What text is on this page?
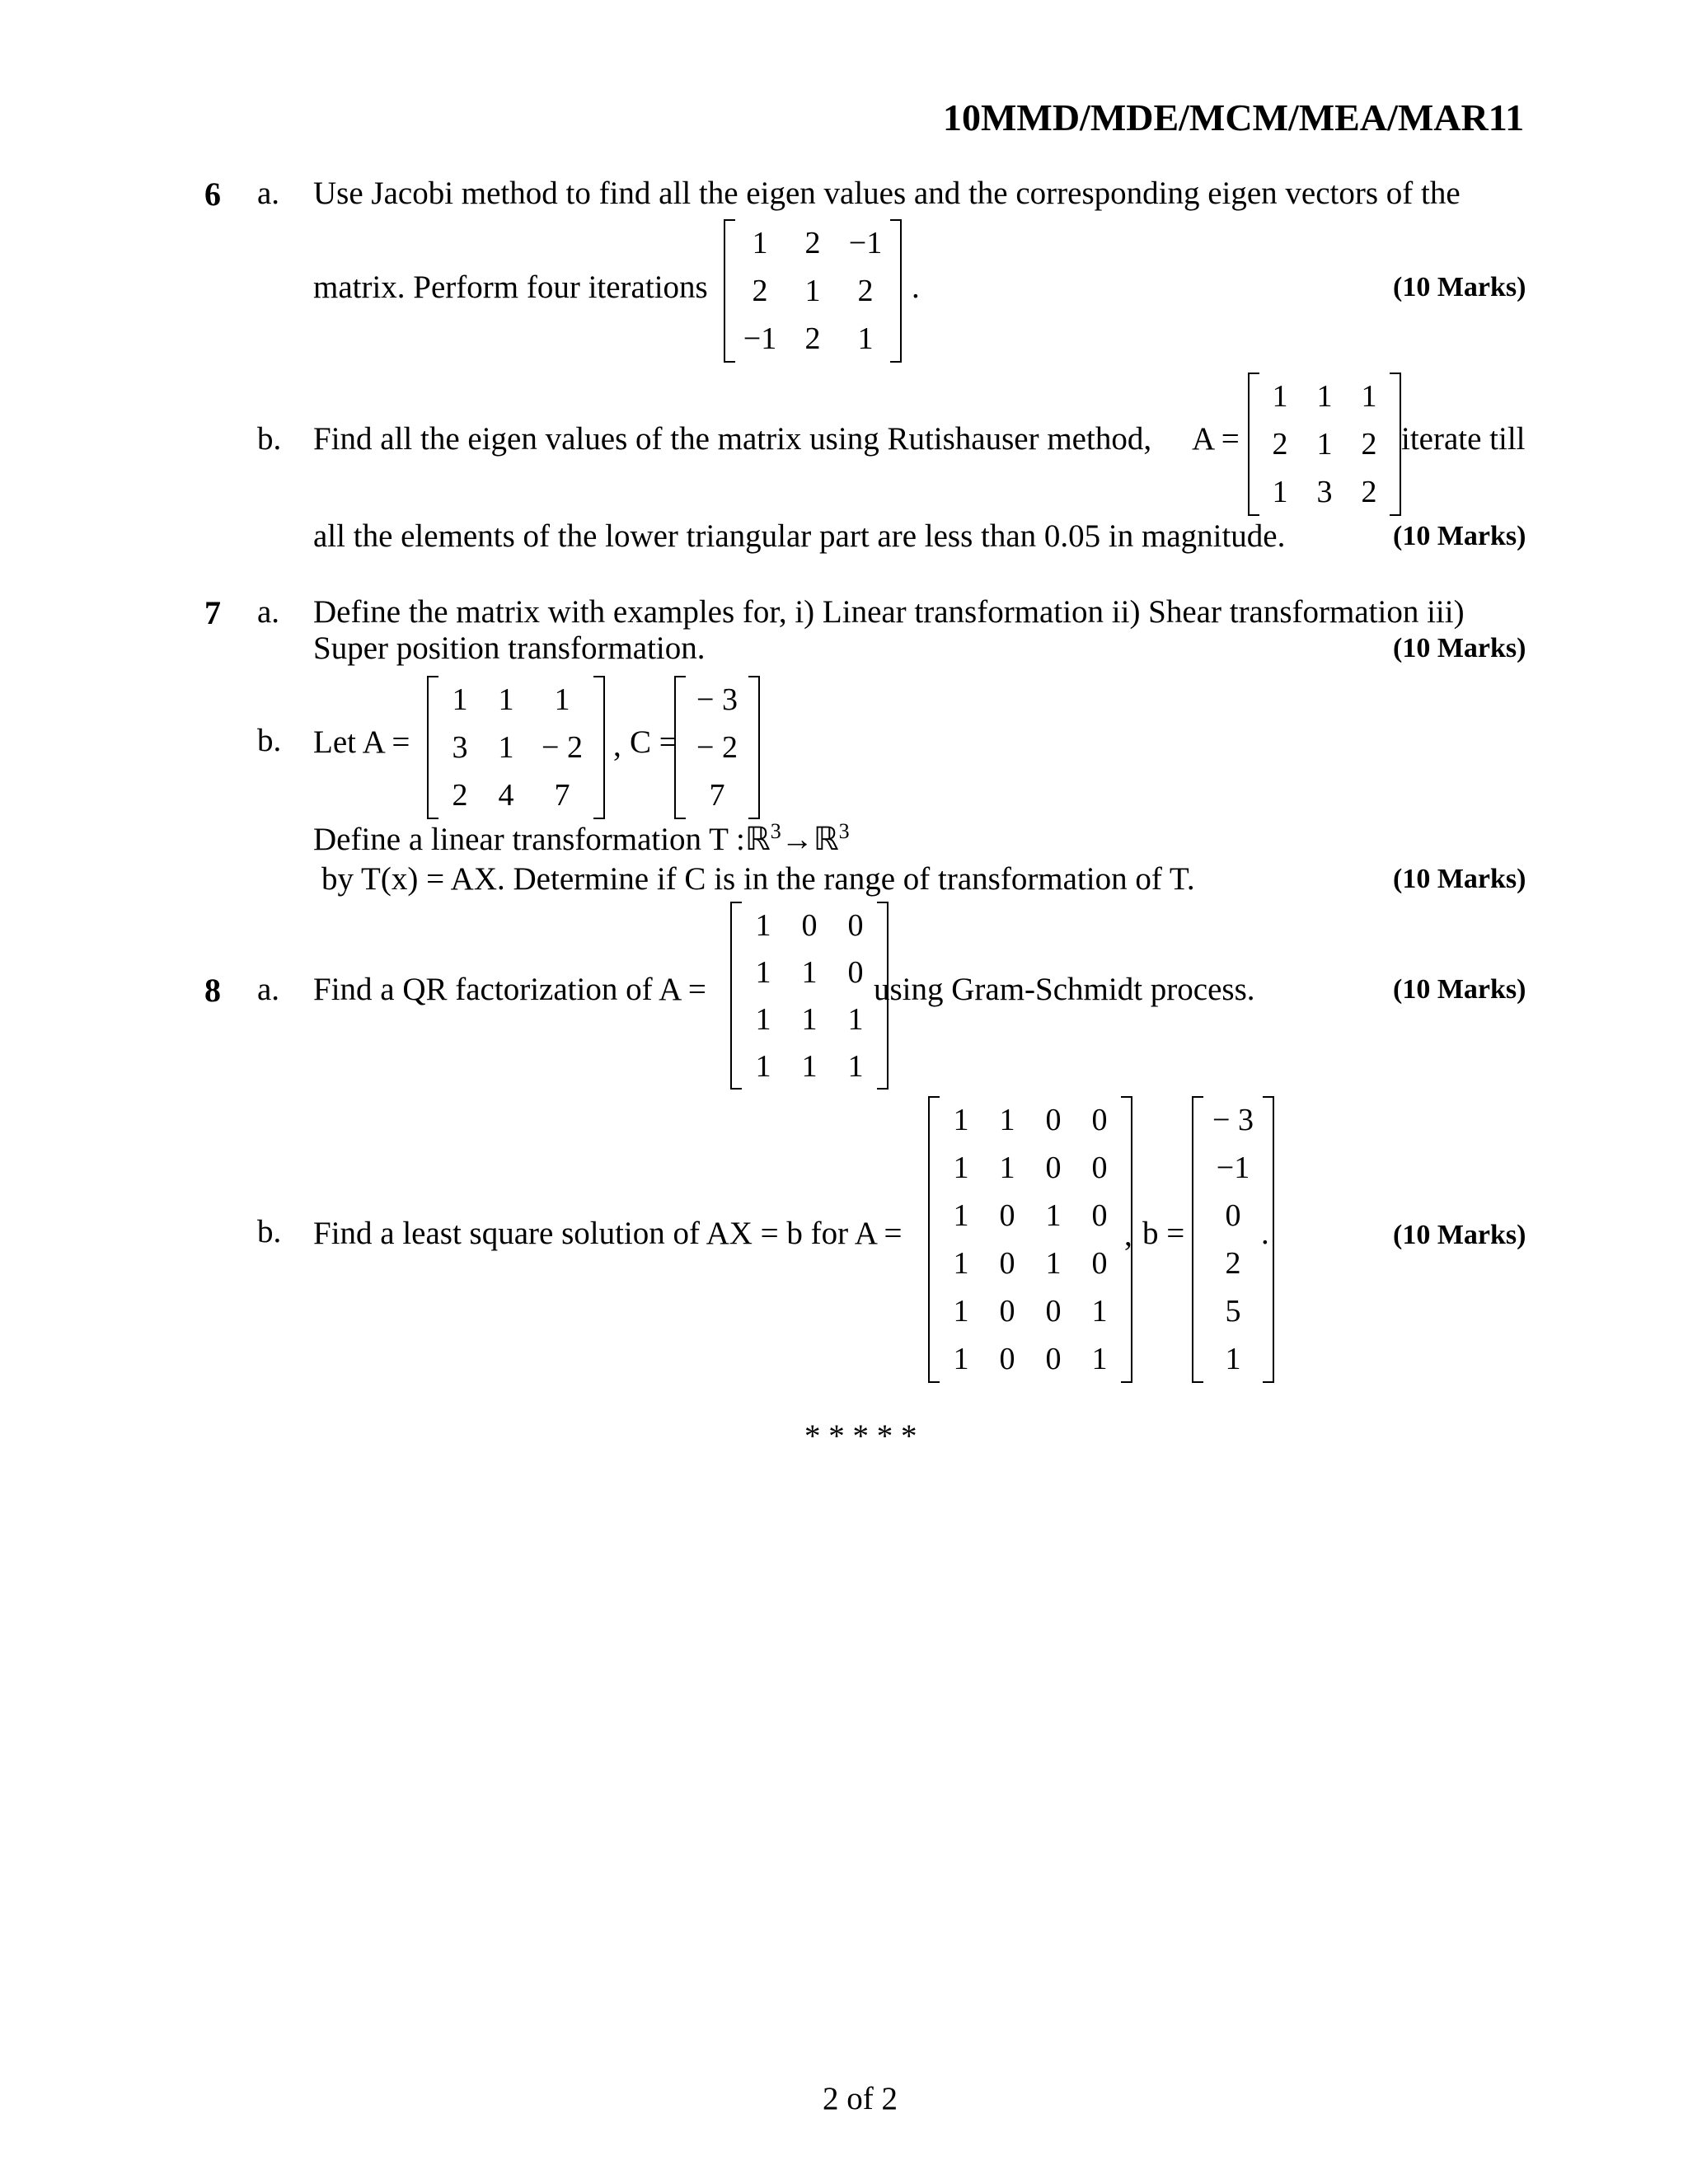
10MMD/MDE/MCM/MEA/MAR11
6 a. Use Jacobi method to find all the eigen values and the corresponding eigen vectors of the
matrix. Perform four iterations
1 2 −1
2 1 2
−1 2 1
.	(10 Marks)
b. Find all the eigen values of the matrix using Rutishauser method, A =
1 1 1
2 1 2
1 3 2
iterate till
all the elements of the lower triangular part are less than 0.05 in magnitude.	(10 Marks)
7 a. Define the matrix with examples for, i) Linear transformation ii) Shear transformation iii)
Super position transformation.	(10 Marks)
b. Let A =
1 1 1
3 1 − 2
2 4 7
, C =
− 3
− 2
7
Define a linear transformation T :ℝ$^3$→ℝ$^3$
by T(x) = AX. Determine if C is in the range of transformation of T.	(10 Marks)
8 a. Find a QR factorization of A =
1 0 0
1 1 0
1 1 1
1 1 1
using Gram-Schmidt process.	(10 Marks)
b. Find a least square solution of AX = b for A =
1 1 0 0
1 1 0 0
1 0 1 0
1 0 1 0
1 0 0 1
1 0 0 1
, b =
− 3
−1
0
2
5
1
.	(10 Marks)
* * * * *
2 of 2
